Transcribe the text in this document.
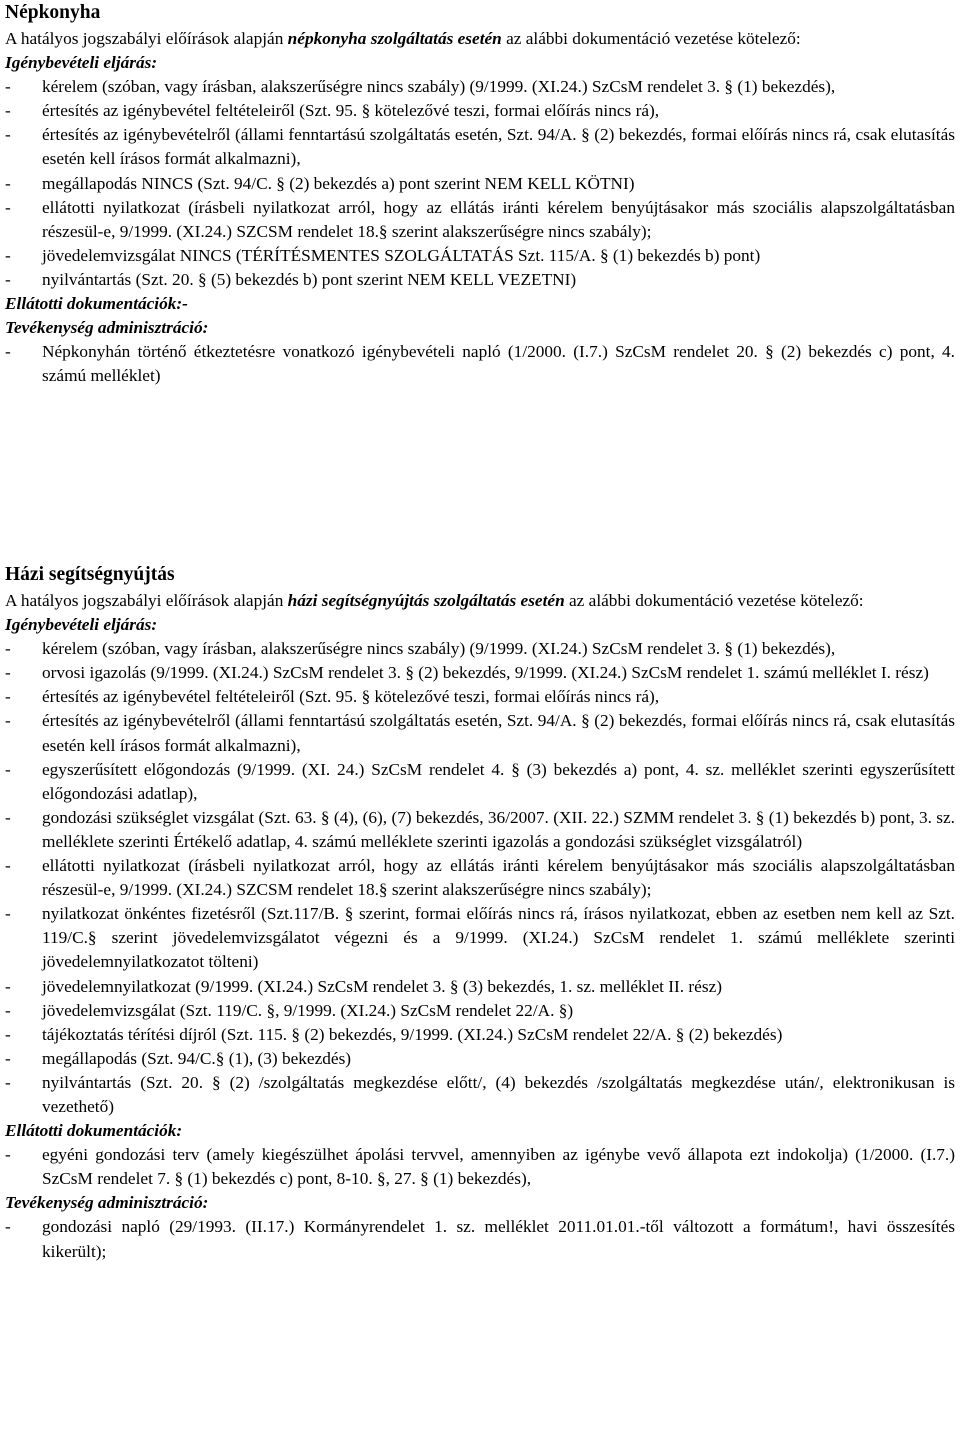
Népkonyha
A hatályos jogszabályi előírások alapján népkonyha szolgáltatás esetén az alábbi dokumentáció vezetése kötelező:
Igénybevételi eljárás:
- kérelem (szóban, vagy írásban, alakszerűségre nincs szabály) (9/1999. (XI.24.) SzCsM rendelet 3. § (1) bekezdés),
- értesítés az igénybevétel feltételeiről (Szt. 95. § kötelezővé teszi, formai előírás nincs rá),
- értesítés az igénybevételről (állami fenntartású szolgáltatás esetén, Szt. 94/A. § (2) bekezdés, formai előírás nincs rá, csak elutasítás esetén kell írásos formát alkalmazni),
- megállapodás NINCS (Szt. 94/C. § (2) bekezdés a) pont szerint NEM KELL KÖTNI)
- ellátotti nyilatkozat (írásbeli nyilatkozat arról, hogy az ellátás iránti kérelem benyújtásakor más szociális alapszolgáltatásban részesül-e, 9/1999. (XI.24.) SZCSM rendelet 18.§ szerint alakszerűségre nincs szabály);
- jövedelemvizsgálat NINCS (TÉRÍTÉSMENTES SZOLGÁLTATÁS Szt. 115/A. § (1) bekezdés b) pont)
- nyilvántartás (Szt. 20. § (5) bekezdés b) pont szerint NEM KELL VEZETNI)
Ellátotti dokumentációk:-
Tevékenység adminisztráció:
- Népkonyhán történő étkeztetésre vonatkozó igénybevételi napló (1/2000. (I.7.) SzCsM rendelet 20. § (2) bekezdés c) pont, 4. számú melléklet)
Házi segítségnyújtás
A hatályos jogszabályi előírások alapján házi segítségnyújtás szolgáltatás esetén az alábbi dokumentáció vezetése kötelező:
Igénybevételi eljárás:
- kérelem (szóban, vagy írásban, alakszerűségre nincs szabály) (9/1999. (XI.24.) SzCsM rendelet 3. § (1) bekezdés),
- orvosi igazolás (9/1999. (XI.24.) SzCsM rendelet 3. § (2) bekezdés, 9/1999. (XI.24.) SzCsM rendelet 1. számú melléklet I. rész)
- értesítés az igénybevétel feltételeiről (Szt. 95. § kötelezővé teszi, formai előírás nincs rá),
- értesítés az igénybevételről (állami fenntartású szolgáltatás esetén, Szt. 94/A. § (2) bekezdés, formai előírás nincs rá, csak elutasítás esetén kell írásos formát alkalmazni),
- egyszerűsített előgondozás (9/1999. (XI. 24.) SzCsM rendelet 4. § (3) bekezdés a) pont, 4. sz. melléklet szerinti egyszerűsített előgondozási adatlap),
- gondozási szükséglet vizsgálat (Szt. 63. § (4), (6), (7) bekezdés, 36/2007. (XII. 22.) SZMM rendelet 3. § (1) bekezdés b) pont, 3. sz. melléklete szerinti Értékelő adatlap, 4. számú melléklete szerinti igazolás a gondozási szükséglet vizsgálatról)
- ellátotti nyilatkozat (írásbeli nyilatkozat arról, hogy az ellátás iránti kérelem benyújtásakor más szociális alapszolgáltatásban részesül-e, 9/1999. (XI.24.) SZCSM rendelet 18.§ szerint alakszerűségre nincs szabály);
- nyilatkozat önkéntes fizetésről (Szt.117/B. § szerint, formai előírás nincs rá, írásos nyilatkozat, ebben az esetben nem kell az Szt. 119/C.§ szerint jövedelemvizsgálatot végezni és a 9/1999. (XI.24.) SzCsM rendelet 1. számú melléklete szerinti jövedelemnyilatkozatot tölteni)
- jövedelemnyilatkozat (9/1999. (XI.24.) SzCsM rendelet 3. § (3) bekezdés, 1. sz. melléklet II. rész)
- jövedelemvizsgálat (Szt. 119/C. §, 9/1999. (XI.24.) SzCsM rendelet 22/A. §)
- tájékoztatás térítési díjról (Szt. 115. § (2) bekezdés, 9/1999. (XI.24.) SzCsM rendelet 22/A. § (2) bekezdés)
- megállapodás (Szt. 94/C.§ (1), (3) bekezdés)
- nyilvántartás (Szt. 20. § (2) /szolgáltatás megkezdése előtt/, (4) bekezdés /szolgáltatás megkezdése után/, elektronikusan is vezethető)
Ellátotti dokumentációk:
- egyéni gondozási terv (amely kiegészülhet ápolási tervvel, amennyiben az igénybe vevő állapota ezt indokolja) (1/2000. (I.7.) SzCsM rendelet 7. § (1) bekezdés c) pont, 8-10. §, 27. § (1) bekezdés),
Tevékenység adminisztráció:
- gondozási napló (29/1993. (II.17.) Kormányrendelet 1. sz. melléklet 2011.01.01.-től változott a formátum!, havi összesítés kikerült);
